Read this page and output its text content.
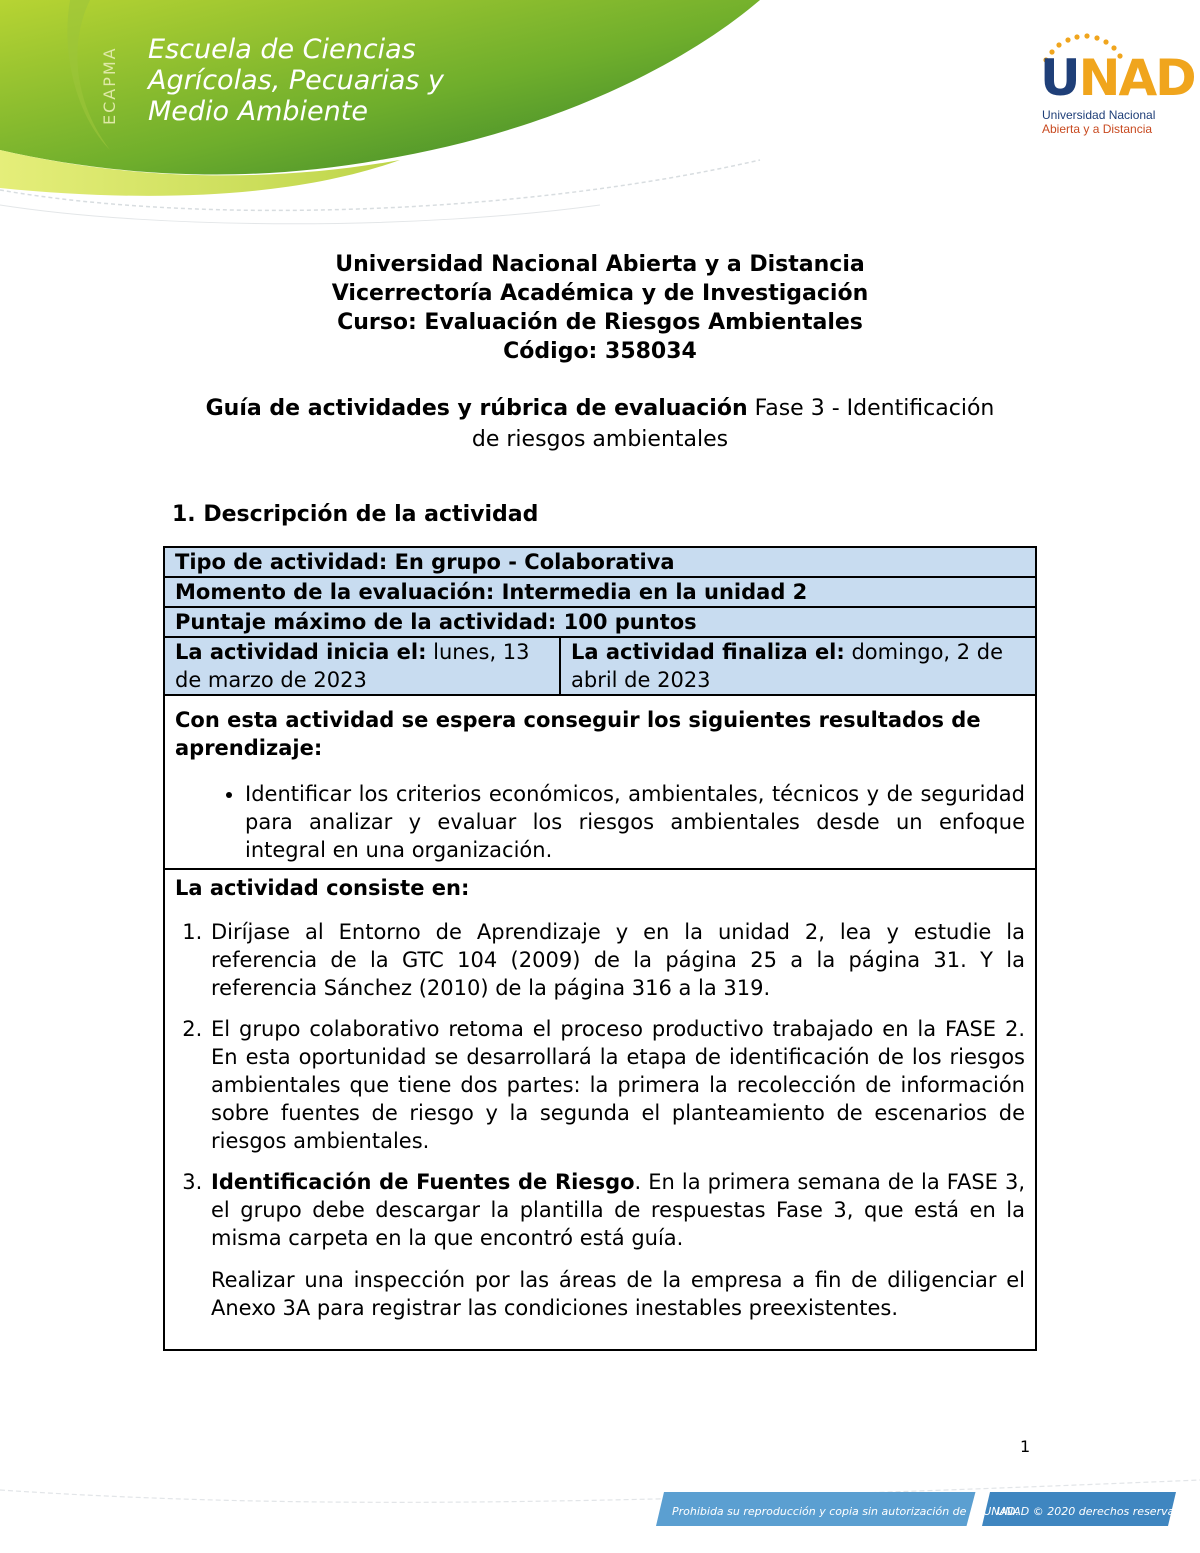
ECAPMA	Escuela de Ciencias
Agrícolas, Pecuarias y
Medio Ambiente
UNAD
Universidad Nacional
Abierta y a Distancia
Universidad Nacional Abierta y a Distancia
Vicerrectoría Académica y de Investigación
Curso: Evaluación de Riesgos Ambientales
Código: 358034
Guía de actividades y rúbrica de evaluación Fase 3 - Identificación
de riesgos ambientales
1. Descripción de la actividad
Tipo de actividad: En grupo - Colaborativa
Momento de la evaluación: Intermedia en la unidad 2
Puntaje máximo de la actividad: 100 puntos
La actividad inicia el: lunes, 13 de marzo de 2023	La actividad finaliza el: domingo, 2 de abril de 2023

Con esta actividad se espera conseguir los siguientes resultados de aprendizaje:
• Identificar los criterios económicos, ambientales, técnicos y de seguridad para analizar y evaluar los riesgos ambientales desde un enfoque integral en una organización.

La actividad consiste en:
1. Diríjase al Entorno de Aprendizaje y en la unidad 2, lea y estudie la referencia de la GTC 104 (2009) de la página 25 a la página 31. Y la referencia Sánchez (2010) de la página 316 a la 319.
2. El grupo colaborativo retoma el proceso productivo trabajado en la FASE 2. En esta oportunidad se desarrollará la etapa de identificación de los riesgos ambientales que tiene dos partes: la primera la recolección de información sobre fuentes de riesgo y la segunda el planteamiento de escenarios de riesgos ambientales.
3. Identificación de Fuentes de Riesgo. En la primera semana de la FASE 3, el grupo debe descargar la plantilla de respuestas Fase 3, que está en la misma carpeta en la que encontró está guía.

Realizar una inspección por las áreas de la empresa a fin de diligenciar el Anexo 3A para registrar las condiciones inestables preexistentes.

1
Prohibida su reproducción y copia sin autorización de la UNAD.
UNAD © 2020 derechos reservados.
